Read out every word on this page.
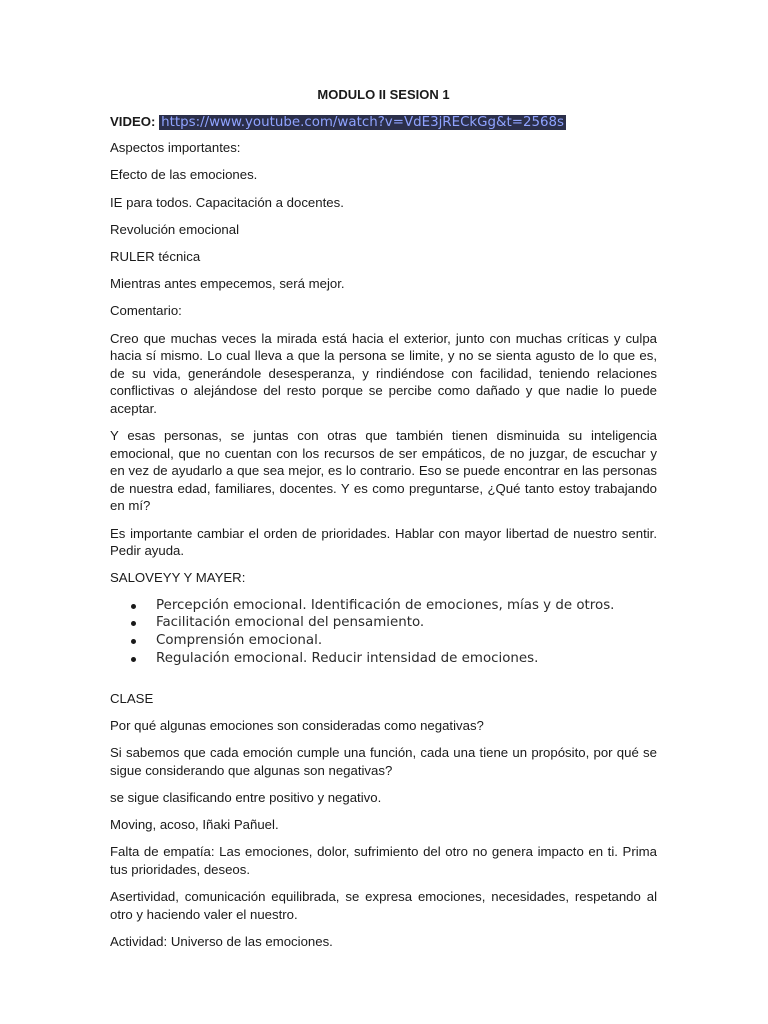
MODULO II SESION 1
VIDEO: https://www.youtube.com/watch?v=VdE3jRECkGg&t=2568s
Aspectos importantes:
Efecto de las emociones.
IE para todos. Capacitación a docentes.
Revolución emocional
RULER técnica
Mientras antes empecemos, será mejor.
Comentario:
Creo que muchas veces la mirada está hacia el exterior, junto con muchas críticas y culpa hacia sí mismo. Lo cual lleva a que la persona se limite, y no se sienta agusto de lo que es, de su vida, generándole desesperanza, y rindiéndose con facilidad, teniendo relaciones conflictivas o alejándose del resto porque se percibe como dañado y que nadie lo puede aceptar.
Y esas personas, se juntas con otras que también tienen disminuida su inteligencia emocional, que no cuentan con los recursos de ser empáticos, de no juzgar, de escuchar y en vez de ayudarlo a que sea mejor, es lo contrario. Eso se puede encontrar en las personas de nuestra edad, familiares, docentes. Y es como preguntarse, ¿Qué tanto estoy trabajando en mí?
Es importante cambiar el orden de prioridades. Hablar con mayor libertad de nuestro sentir. Pedir ayuda.
SALOVEYY Y MAYER:
Percepción emocional. Identificación de emociones, mías y de otros.
Facilitación emocional del pensamiento.
Comprensión emocional.
Regulación emocional. Reducir intensidad de emociones.
CLASE
Por qué algunas emociones son consideradas como negativas?
Si sabemos que cada emoción cumple una función, cada una tiene un propósito, por qué se sigue considerando que algunas son negativas?
se sigue clasificando entre positivo y negativo.
Moving, acoso, Iñaki Pañuel.
Falta de empatía: Las emociones, dolor, sufrimiento del otro no genera impacto en ti. Prima tus prioridades, deseos.
Asertividad, comunicación equilibrada, se expresa emociones, necesidades, respetando al otro y haciendo valer el nuestro.
Actividad: Universo de las emociones.
